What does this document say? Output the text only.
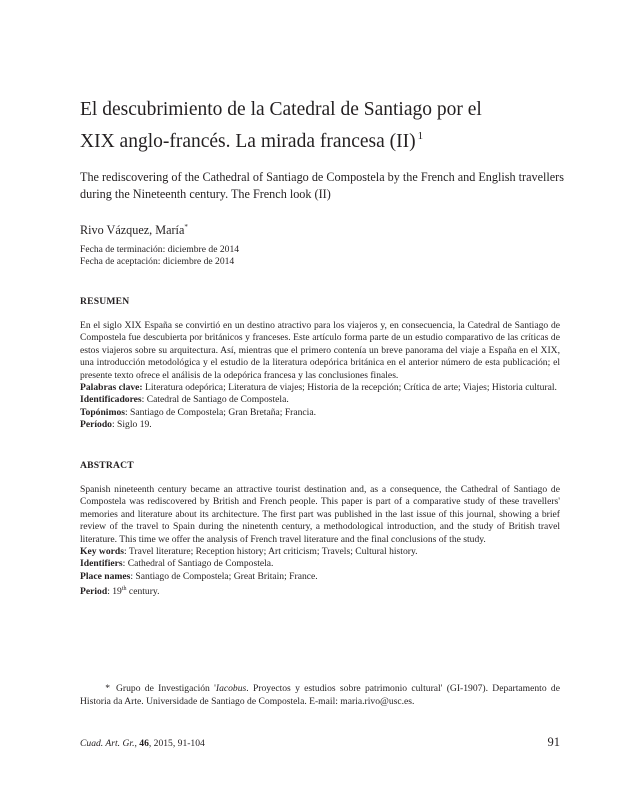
El descubrimiento de la Catedral de Santiago por el
XIX anglo-francés. La mirada francesa (II) $^1$

The rediscovering of the Cathedral of Santiago de Compostela by the French and English travellers
during the Nineteenth century. The French look (II)

Rivo Vázquez, María*
Fecha de terminación: diciembre de 2014
Fecha de aceptación: diciembre de 2014
RESUMEN

En el siglo XIX España se convirtió en un destino atractivo para los viajeros y, en consecuencia, la Catedral de Santiago de Compostela fue descubierta por británicos y franceses. Este artículo forma parte de un estudio comparativo de las críticas de estos viajeros sobre su arquitectura. Así, mientras que el primero contenía un breve panorama del viaje a España en el XIX, una introducción metodológica y el estudio de la literatura odepórica británica en el anterior número de esta publicación; el presente texto ofrece el análisis de la odepórica francesa y las conclusiones finales.

Palabras clave: Literatura odepórica; Literatura de viajes; Historia de la recepción; Crítica de arte; Viajes; Historia cultural.
Identificadores: Catedral de Santiago de Compostela.
Topónimos: Santiago de Compostela; Gran Bretaña; Francia.
Período: Siglo 19.
ABSTRACT

Spanish nineteenth century became an attractive tourist destination and, as a consequence, the Cathedral of Santiago de Compostela was rediscovered by British and French people. This paper is part of a comparative study of these travellers' memories and literature about its architecture. The first part was published in the last issue of this journal, showing a brief review of the travel to Spain during the ninetenth century, a methodological introduction, and the study of British travel literature. This time we offer the analysis of French travel literature and the final conclusions of the study.

Key words: Travel literature; Reception history; Art criticism; Travels; Cultural history.
Identifiers: Cathedral of Santiago de Compostela.
Place names: Santiago de Compostela; Great Britain; France.
Period: 19th century.
* Grupo de Investigación 'Iacobus. Proyectos y estudios sobre patrimonio cultural' (GI-1907). Departamento de Historia da Arte. Universidade de Santiago de Compostela. E-mail: maria.rivo@usc.es.
Cuad. Art. Gr., 46, 2015, 91-104	91
